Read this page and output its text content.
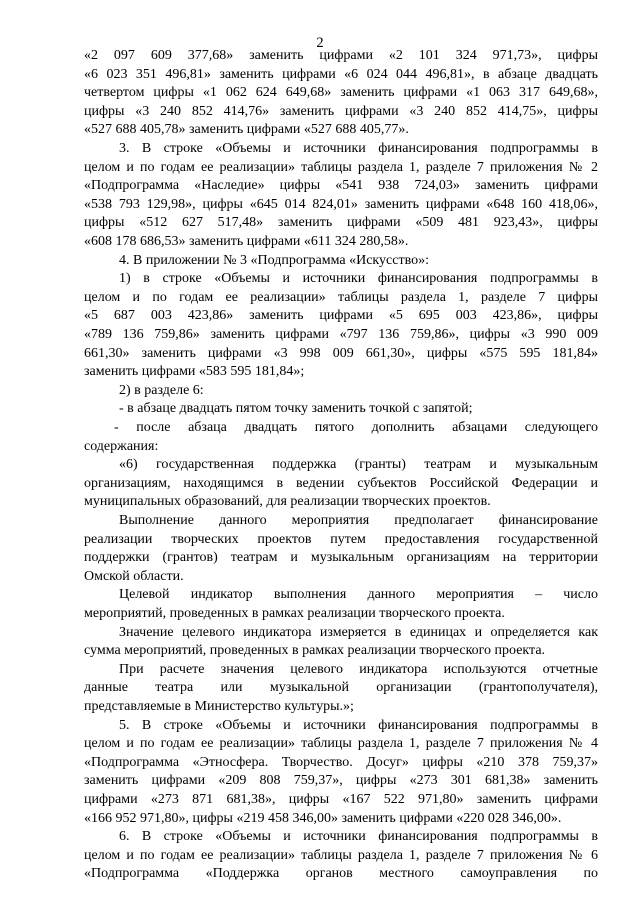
2
«2 097 609 377,68» заменить цифрами «2 101 324 971,73», цифры
«6 023 351 496,81» заменить цифрами «6 024 044 496,81», в абзаце двадцать
четвертом цифры «1 062 624 649,68» заменить цифрами «1 063 317 649,68»,
цифры «3 240 852 414,76» заменить цифрами «3 240 852 414,75», цифры
«527 688 405,78» заменить цифрами «527 688 405,77».
3. В строке «Объемы и источники финансирования подпрограммы в
целом и по годам ее реализации» таблицы раздела 1, разделе 7 приложения № 2
«Подпрограмма «Наследие» цифры «541 938 724,03» заменить цифрами
«538 793 129,98», цифры «645 014 824,01» заменить цифрами «648 160 418,06»,
цифры «512 627 517,48» заменить цифрами «509 481 923,43», цифры
«608 178 686,53» заменить цифрами «611 324 280,58».
4. В приложении № 3 «Подпрограмма «Искусство»:
1) в строке «Объемы и источники финансирования подпрограммы в
целом и по годам ее реализации» таблицы раздела 1, разделе 7 цифры
«5 687 003 423,86» заменить цифрами «5 695 003 423,86», цифры
«789 136 759,86» заменить цифрами «797 136 759,86», цифры «3 990 009
661,30» заменить цифрами «3 998 009 661,30», цифры «575 595 181,84»
заменить цифрами «583 595 181,84»;
2) в разделе 6:
- в абзаце двадцать пятом точку заменить точкой с запятой;
- после абзаца двадцать пятого дополнить абзацами следующего
содержания:
«6) государственная поддержка (гранты) театрам и музыкальным
организациям, находящимся в ведении субъектов Российской Федерации и
муниципальных образований, для реализации творческих проектов.
Выполнение данного мероприятия предполагает финансирование
реализации творческих проектов путем предоставления государственной
поддержки (грантов) театрам и музыкальным организациям на территории
Омской области.
Целевой индикатор выполнения данного мероприятия – число
мероприятий, проведенных в рамках реализации творческого проекта.
Значение целевого индикатора измеряется в единицах и определяется как
сумма мероприятий, проведенных в рамках реализации творческого проекта.
При расчете значения целевого индикатора используются отчетные
данные театра или музыкальной организации (грантополучателя),
представляемые в Министерство культуры.»;
5. В строке «Объемы и источники финансирования подпрограммы в
целом и по годам ее реализации» таблицы раздела 1, разделе 7 приложения № 4
«Подпрограмма «Этносфера. Творчество. Досуг» цифры «210 378 759,37»
заменить цифрами «209 808 759,37», цифры «273 301 681,38» заменить
цифрами «273 871 681,38», цифры «167 522 971,80» заменить цифрами
«166 952 971,80», цифры «219 458 346,00» заменить цифрами «220 028 346,00».
6. В строке «Объемы и источники финансирования подпрограммы в
целом и по годам ее реализации» таблицы раздела 1, разделе 7 приложения № 6
«Подпрограмма «Поддержка органов местного самоуправления по
